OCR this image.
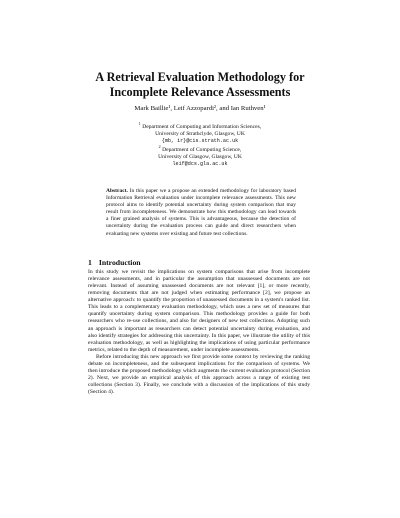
A Retrieval Evaluation Methodology for
Incomplete Relevance Assessments
Mark Baillie¹, Leif Azzopardi², and Ian Ruthven¹
$^1$ Department of Computing and Information Sciences,
University of Strathclyde, Glasgow, UK
{mb, ir}@cis.strath.ac.uk
$^2$ Department of Computing Science,
University of Glasgow, Glasgow, UK
leif@dcs.gla.ac.uk
Abstract. In this paper we a propose an extended methodology for laboratory based Information Retrieval evaluation under incomplete relevance assessments. This new protocol aims to identify potential uncertainty during system comparison that may result from incompleteness. We demonstrate how this methodology can lead towards a finer grained analysis of systems. This is advantageous, because the detection of uncertainty during the evaluation process can guide and direct researchers when evaluating new systems over existing and future test collections.
1 Introduction

In this study we revisit the implications on system comparisons that arise from incomplete relevance assessments, and in particular the assumption that unassessed documents are not relevant. Instead of assuming unassessed documents are not relevant [1], or more recently, removing documents that are not judged when estimating performance [2], we propose an alternative approach: to quantify the proportion of unassessed documents in a system's ranked list. This leads to a complementary evaluation methodology, which uses a new set of measures that quantify uncertainty during system comparison. This methodology provides a guide for both researchers who re-use collections, and also for designers of new test collections. Adopting such an approach is important as researchers can detect potential uncertainty during evaluation, and also identify strategies for addressing this uncertainty. In this paper, we illustrate the utility of this evaluation methodology, as well as highlighting the implications of using particular performance metrics, related to the depth of measurement, under incomplete assessments.

Before introducing this new approach we first provide some context by reviewing the ranking debate on incompleteness, and the subsequent implications for the comparison of systems. We then introduce the proposed methodology which augments the current evaluation protocol (Section 2). Next, we provide an empirical analysis of this approach across a range of existing test collections (Section 3). Finally, we conclude with a discussion of the implications of this study (Section 4).
